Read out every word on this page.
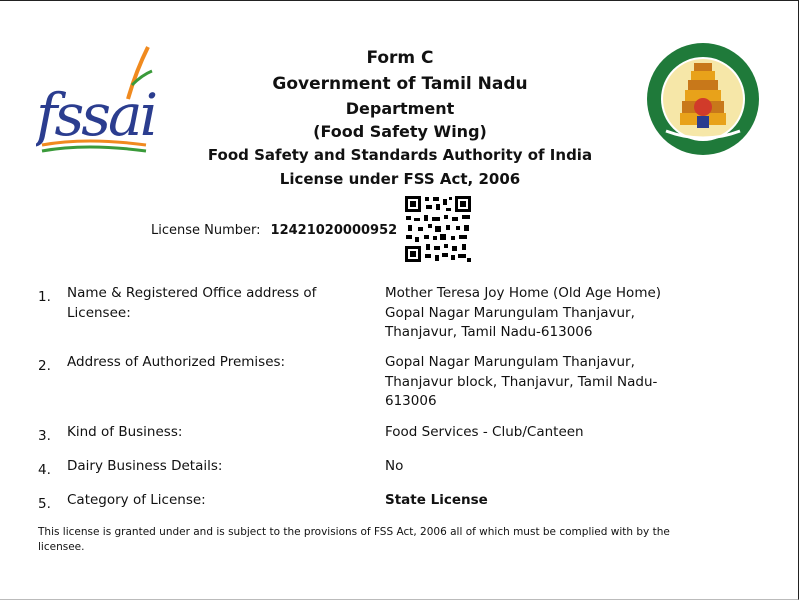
fssai
Form C
Government of Tamil Nadu
Department
(Food Safety Wing)
Food Safety and Standards Authority of India
License under FSS Act, 2006
License Number: 12421020000952
1. Name & Registered Office address of Licensee:
Mother Teresa Joy Home (Old Age Home) Gopal Nagar Marungulam Thanjavur, Thanjavur, Tamil Nadu-613006
2. Address of Authorized Premises:	Gopal Nagar Marungulam Thanjavur, Thanjavur block, Thanjavur, Tamil Nadu-613006
3. Kind of Business:	Food Services - Club/Canteen
4. Dairy Business Details:	No
5. Category of License:	State License
This license is granted under and is subject to the provisions of FSS Act, 2006 all of which must be complied with by the licensee.
